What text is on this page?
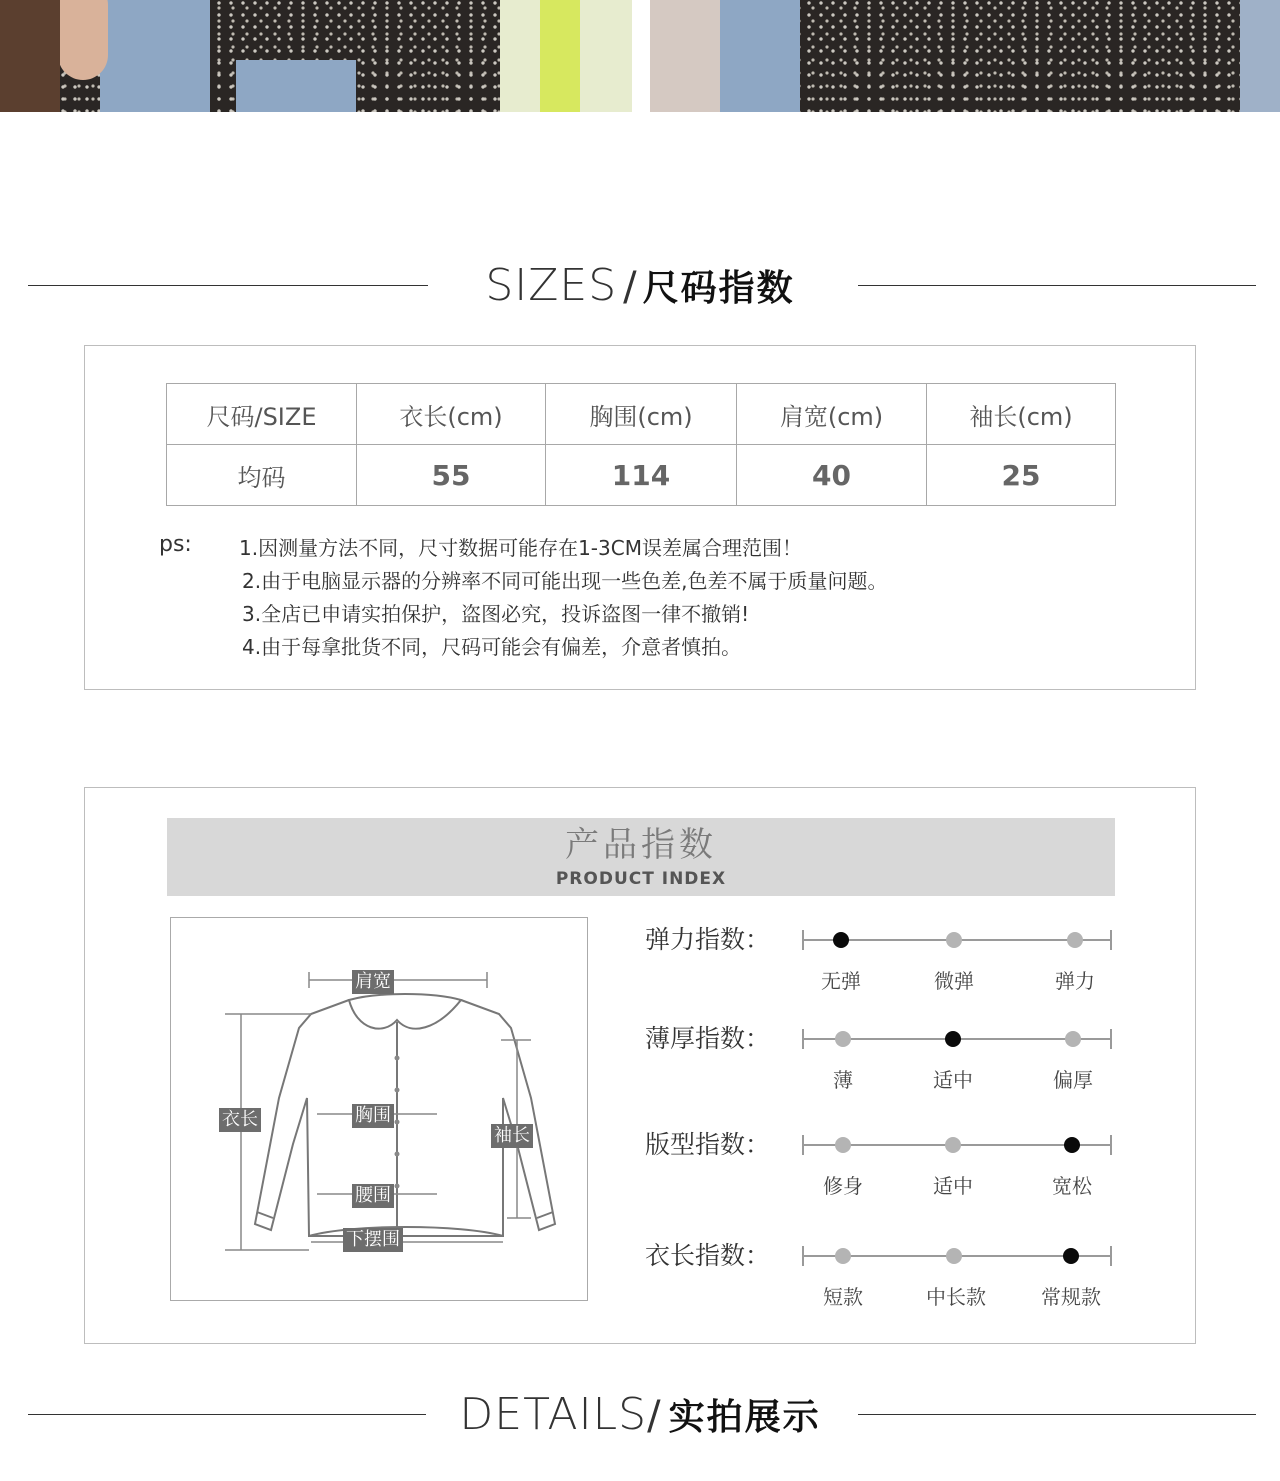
SIZES / 尺码指数
尺码/SIZE	衣长(cm)	胸围(cm)	肩宽(cm)	袖长(cm)
均码	55	114	40	25
ps: 1.因测量方法不同，尺寸数据可能存在1-3CM误差属合理范围！
2.由于电脑显示器的分辨率不同可能出现一些色差,色差不属于质量问题。
3.全店已申请实拍保护，盗图必究，投诉盗图一律不撤销!
4.由于每拿批货不同，尺码可能会有偏差，介意者慎拍。
产品指数
PRODUCT INDEX
肩宽
衣长	胸围
袖长
腰围
下摆围
弹力指数：
无弹	微弹	弹力
薄厚指数：
薄	适中	偏厚
版型指数：
修身	适中	宽松
衣长指数：
短款	中长款	常规款
DETAILS/ 实拍展示
